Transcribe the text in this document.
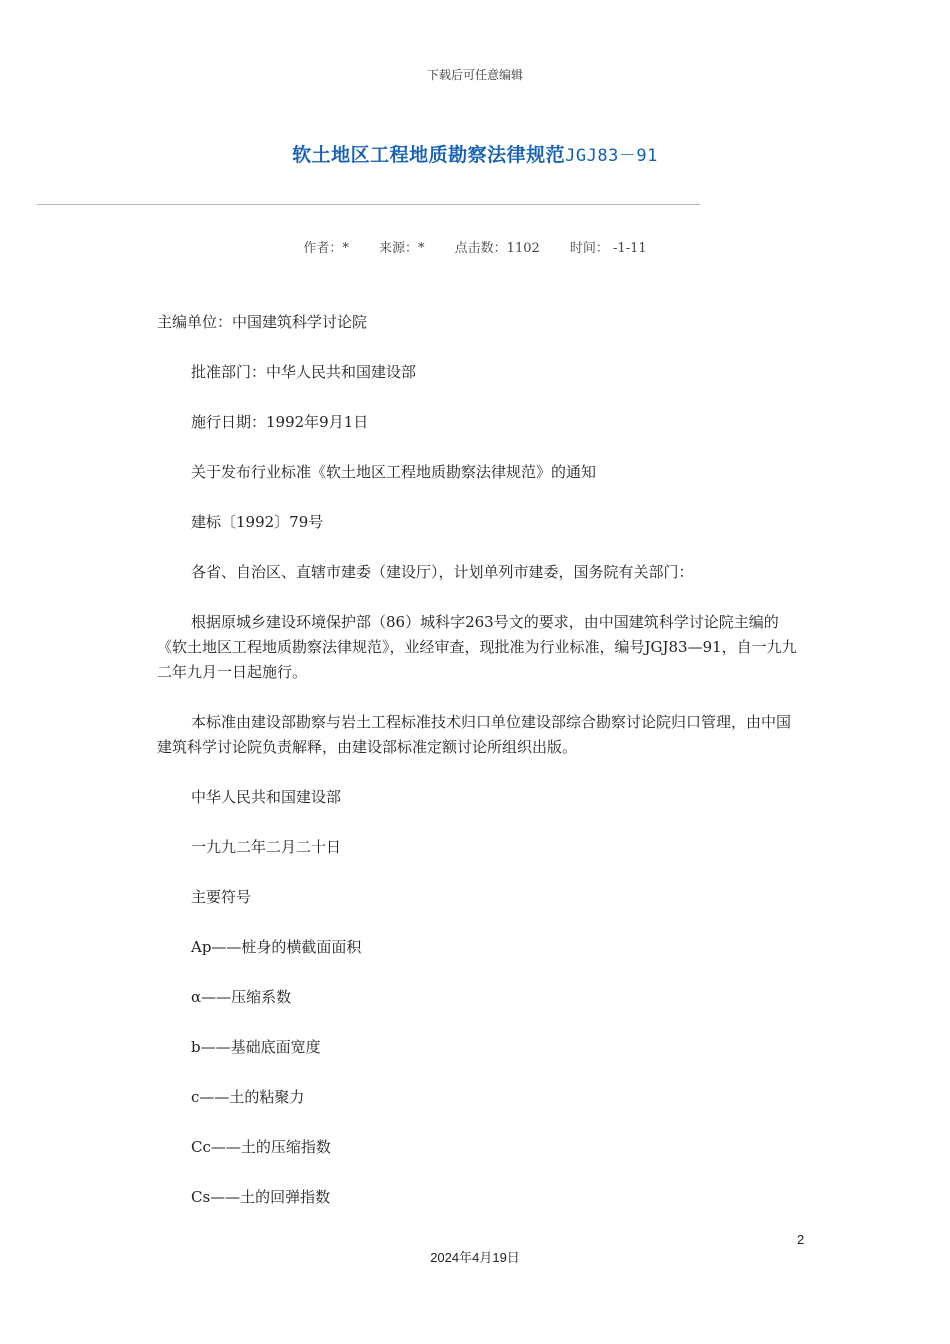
下载后可任意编辑
软土地区工程地质勘察法律规范JGJ83－91
作者：* 来源：* 点击数：1102 时间： -1-11

主编单位：中国建筑科学讨论院

批准部门：中华人民共和国建设部

施行日期：1992年9月1日

关于发布行业标准《软土地区工程地质勘察法律规范》的通知

建标〔1992〕79号

各省、自治区、直辖市建委（建设厅），计划单列市建委，国务院有关部门：

根据原城乡建设环境保护部（86）城科字263号文的要求，由中国建筑科学讨论院主编的《软土地区工程地质勘察法律规范》，业经审查，现批准为行业标准，编号JGJ83—91，自一九九二年九月一日起施行。

本标准由建设部勘察与岩土工程标准技术归口单位建设部综合勘察讨论院归口管理，由中国建筑科学讨论院负责解释，由建设部标准定额讨论所组织出版。

中华人民共和国建设部

一九九二年二月二十日

主要符号

Ap——桩身的横截面面积

α——压缩系数

b——基础底面宽度

c——土的粘聚力

Cc——土的压缩指数

Cs——土的回弹指数

2
2024年4月19日
